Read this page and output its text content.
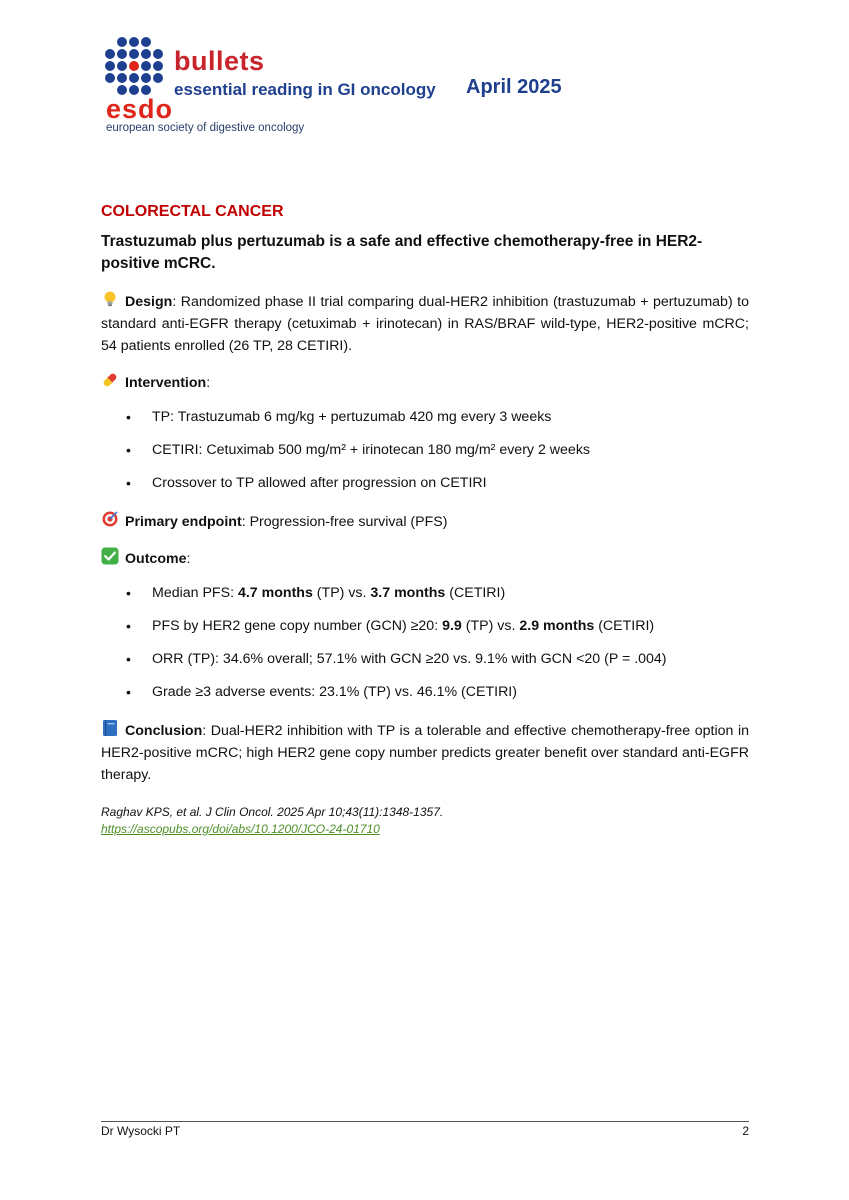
esdo
bullets
essential reading in GI oncology April 2025
european society of digestive oncology
COLORECTAL CANCER
Trastuzumab plus pertuzumab is a safe and effective chemotherapy-free in HER2-positive mCRC.

Design: Randomized phase II trial comparing dual-HER2 inhibition (trastuzumab + pertuzumab) to standard anti-EGFR therapy (cetuximab + irinotecan) in RAS/BRAF wild-type, HER2-positive mCRC; 54 patients enrolled (26 TP, 28 CETIRI).

Intervention:

• TP: Trastuzumab 6 mg/kg + pertuzumab 420 mg every 3 weeks
• CETIRI: Cetuximab 500 mg/m² + irinotecan 180 mg/m² every 2 weeks
• Crossover to TP allowed after progression on CETIRI

Primary endpoint: Progression-free survival (PFS)

Outcome:

• Median PFS: 4.7 months (TP) vs. 3.7 months (CETIRI)
• PFS by HER2 gene copy number (GCN) ≥20: 9.9 (TP) vs. 2.9 months (CETIRI)
• ORR (TP): 34.6% overall; 57.1% with GCN ≥20 vs. 9.1% with GCN <20 (P = .004)
• Grade ≥3 adverse events: 23.1% (TP) vs. 46.1% (CETIRI)

Conclusion: Dual-HER2 inhibition with TP is a tolerable and effective chemotherapy-free option in HER2-positive mCRC; high HER2 gene copy number predicts greater benefit over standard anti-EGFR therapy.

Raghav KPS, et al. J Clin Oncol. 2025 Apr 10;43(11):1348-1357.
https://ascopubs.org/doi/abs/10.1200/JCO-24-01710
Dr Wysocki PT	2
